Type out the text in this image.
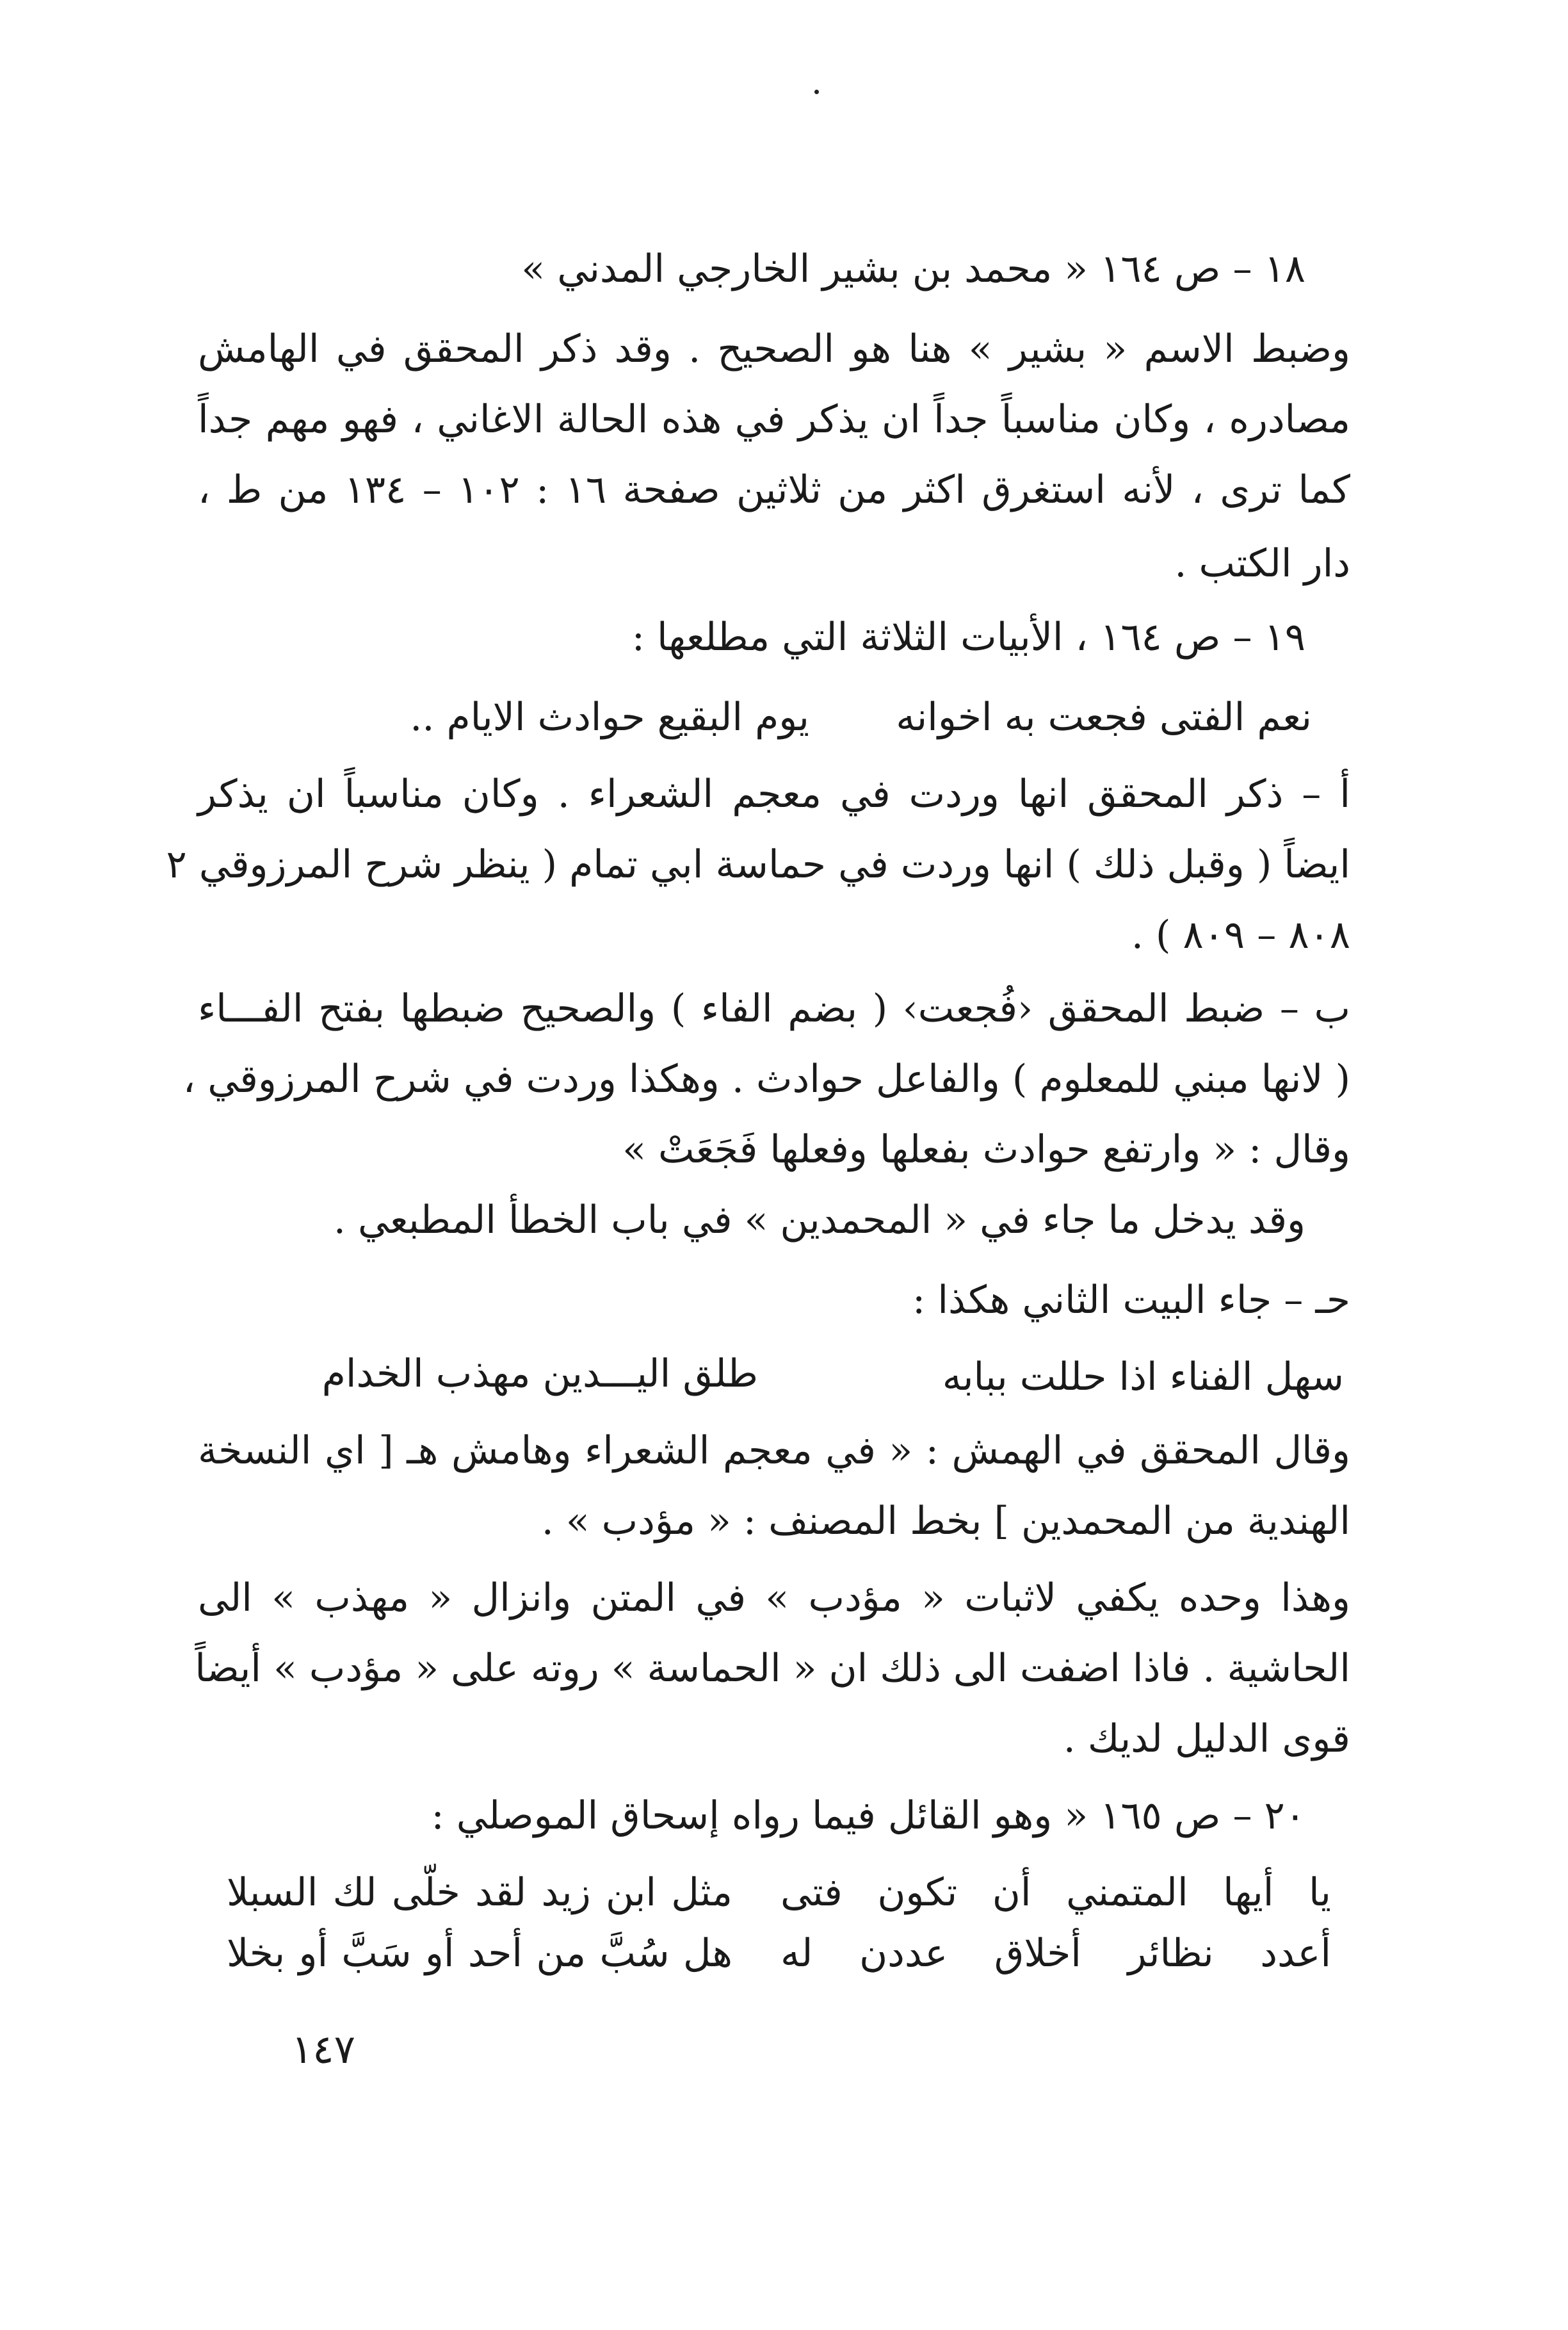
١٨ – ص ١٦٤ « محمد بن بشير الخارجي المدني »
وضبط الاسم « بشير » هنا هو الصحيح . وقد ذكر المحقق في الهامش
مصادره ، وكان مناسباً جداً ان يذكر في هذه الحالة الاغاني ، فهو مهم جداً
كما ترى ، لأنه استغرق اكثر من ثلاثين صفحة ١٦ : ١٠٢ – ١٣٤ من ط ،
دار الكتب .
١٩ – ص ١٦٤ ، الأبيات الثلاثة التي مطلعها :
نعم الفتى فجعت به اخوانه
يوم البقيع حوادث الايام ..
أ – ذكر المحقق انها وردت في معجم الشعراء . وكان مناسباً ان يذكر
ايضاً ( وقبل ذلك ) انها وردت في حماسة ابي تمام ( ينظر شرح المرزوقي ٢
٨٠٨ – ٨٠٩ ) .
ب – ضبط المحقق ‹فُجعت› ( بضم الفاء ) والصحيح ضبطها بفتح الفـــاء
( لانها مبني للمعلوم ) والفاعل حوادث . وهكذا وردت في شرح المرزوقي ،
وقال : « وارتفع حوادث بفعلها وفعلها فَجَعَتْ »
وقد يدخل ما جاء في « المحمدين » في باب الخطأ المطبعي .
حـ – جاء البيت الثاني هكذا :
سهل الفناء اذا حللت ببابه
طلق اليـــدين مهذب الخدام
وقال المحقق في الهمش : « في معجم الشعراء وهامش هـ [ اي النسخة
الهندية من المحمدين ] بخط المصنف : « مؤدب » .
وهذا وحده يكفي لاثبات « مؤدب » في المتن وانزال « مهذب » الى
الحاشية . فاذا اضفت الى ذلك ان « الحماسة » روته على « مؤدب » أيضاً
قوى الدليل لديك .
٢٠ – ص ١٦٥ « وهو القائل فيما رواه إسحاق الموصلي :
يا أيها المتمني أن تكون فتى
مثل ابن زيد لقد خلّى لك السبلا
أعدد نظائر أخلاق عددن له
هل سُبَّ من أحد أو سَبَّ أو بخلا
١٤٧
